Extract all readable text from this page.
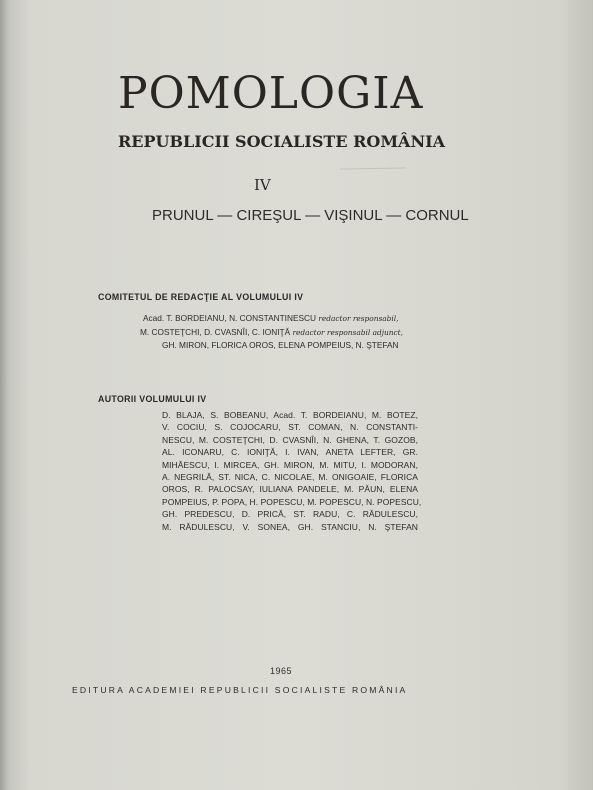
POMOLOGIA
REPUBLICII SOCIALISTE ROMÂNIA
IV
PRUNUL — CIREŞUL — VIŞINUL — CORNUL
COMITETUL DE REDACŢIE AL VOLUMULUI IV
Acad. T. BORDEIANU, N. CONSTANTINESCU redactor responsabil,
M. COSTEŢCHI, D. CVASNÎI, C. IONIŢĂ redactor responsabil adjunct,
GH. MIRON, FLORICA OROS, ELENA POMPEIUS, N. ŞTEFAN
AUTORII VOLUMULUI IV
D. BLAJA, S. BOBEANU, Acad. T. BORDEIANU, M. BOTEZ,
V. COCIU, S. COJOCARU, ST. COMAN, N. CONSTANTI-
NESCU, M. COSTEŢCHI, D. CVASNÎI, N. GHENA, T. GOZOB,
AL. ICONARU, C. IONIŢĂ, I. IVAN, ANETA LEFTER, GR.
MIHĂESCU, I. MIRCEA, GH. MIRON, M. MITU, I. MODORAN,
A. NEGRILĂ, ST. NICA, C. NICOLAE, M. ONIGOAIE, FLORICA
OROS, R. PALOCSAY, IULIANA PANDELE, M. PĂUN, ELENA
POMPEIUS, P. POPA, H. POPESCU, M. POPESCU, N. POPESCU,
GH. PREDESCU, D. PRICĂ, ST. RADU, C. RĂDULESCU,
M. RĂDULESCU, V. SONEA, GH. STANCIU, N. ŞTEFAN
1965
EDITURA ACADEMIEI REPUBLICII SOCIALISTE ROMÂNIA
